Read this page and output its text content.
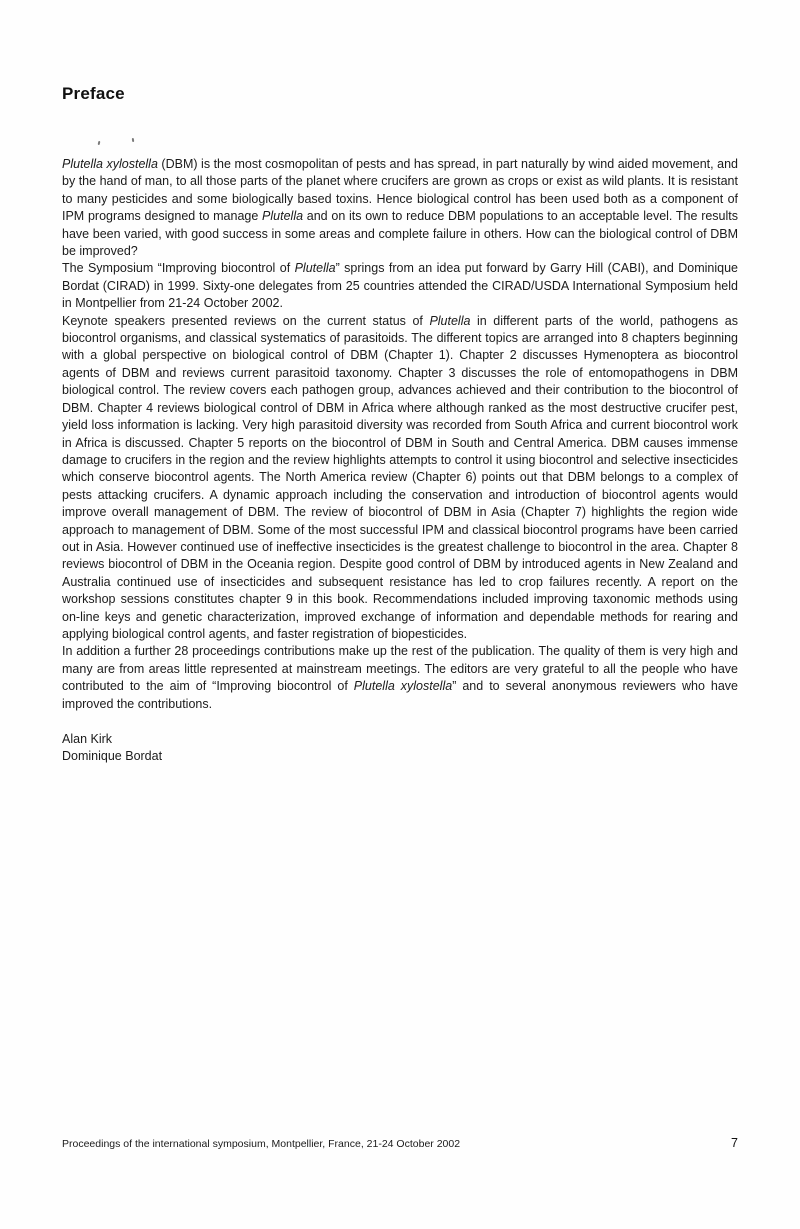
Preface

Plutella xylostella (DBM) is the most cosmopolitan of pests and has spread, in part naturally by wind aided movement, and by the hand of man, to all those parts of the planet where crucifers are grown as crops or exist as wild plants. It is resistant to many pesticides and some biologically based toxins. Hence biological control has been used both as a component of IPM programs designed to manage Plutella and on its own to reduce DBM populations to an acceptable level. The results have been varied, with good success in some areas and complete failure in others. How can the biological control of DBM be improved?

The Symposium “Improving biocontrol of Plutella” springs from an idea put forward by Garry Hill (CABI), and Dominique Bordat (CIRAD) in 1999. Sixty-one delegates from 25 countries attended the CIRAD/USDA International Symposium held in Montpellier from 21-24 October 2002.

Keynote speakers presented reviews on the current status of Plutella in different parts of the world, pathogens as biocontrol organisms, and classical systematics of parasitoids. The different topics are arranged into 8 chapters beginning with a global perspective on biological control of DBM (Chapter 1). Chapter 2 discusses Hymenoptera as biocontrol agents of DBM and reviews current parasitoid taxonomy. Chapter 3 discusses the role of entomopathogens in DBM biological control. The review covers each pathogen group, advances achieved and their contribution to the biocontrol of DBM. Chapter 4 reviews biological control of DBM in Africa where although ranked as the most destructive crucifer pest, yield loss information is lacking. Very high parasitoid diversity was recorded from South Africa and current biocontrol work in Africa is discussed. Chapter 5 reports on the biocontrol of DBM in South and Central America. DBM causes immense damage to crucifers in the region and the review highlights attempts to control it using biocontrol and selective insecticides which conserve biocontrol agents. The North America review (Chapter 6) points out that DBM belongs to a complex of pests attacking crucifers. A dynamic approach including the conservation and introduction of biocontrol agents would improve overall management of DBM. The review of biocontrol of DBM in Asia (Chapter 7) highlights the region wide approach to management of DBM. Some of the most successful IPM and classical biocontrol programs have been carried out in Asia. However continued use of ineffective insecticides is the greatest challenge to biocontrol in the area. Chapter 8 reviews biocontrol of DBM in the Oceania region. Despite good control of DBM by introduced agents in New Zealand and Australia continued use of insecticides and subsequent resistance has led to crop failures recently. A report on the workshop sessions constitutes chapter 9 in this book. Recommendations included improving taxonomic methods using on-line keys and genetic characterization, improved exchange of information and dependable methods for rearing and applying biological control agents, and faster registration of biopesticides.

In addition a further 28 proceedings contributions make up the rest of the publication. The quality of them is very high and many are from areas little represented at mainstream meetings. The editors are very grateful to all the people who have contributed to the aim of “Improving biocontrol of Plutella xylostella” and to several anonymous reviewers who have improved the contributions.

Alan Kirk
Dominique Bordat
Proceedings of the international symposium, Montpellier, France, 21-24 October 2002	7
